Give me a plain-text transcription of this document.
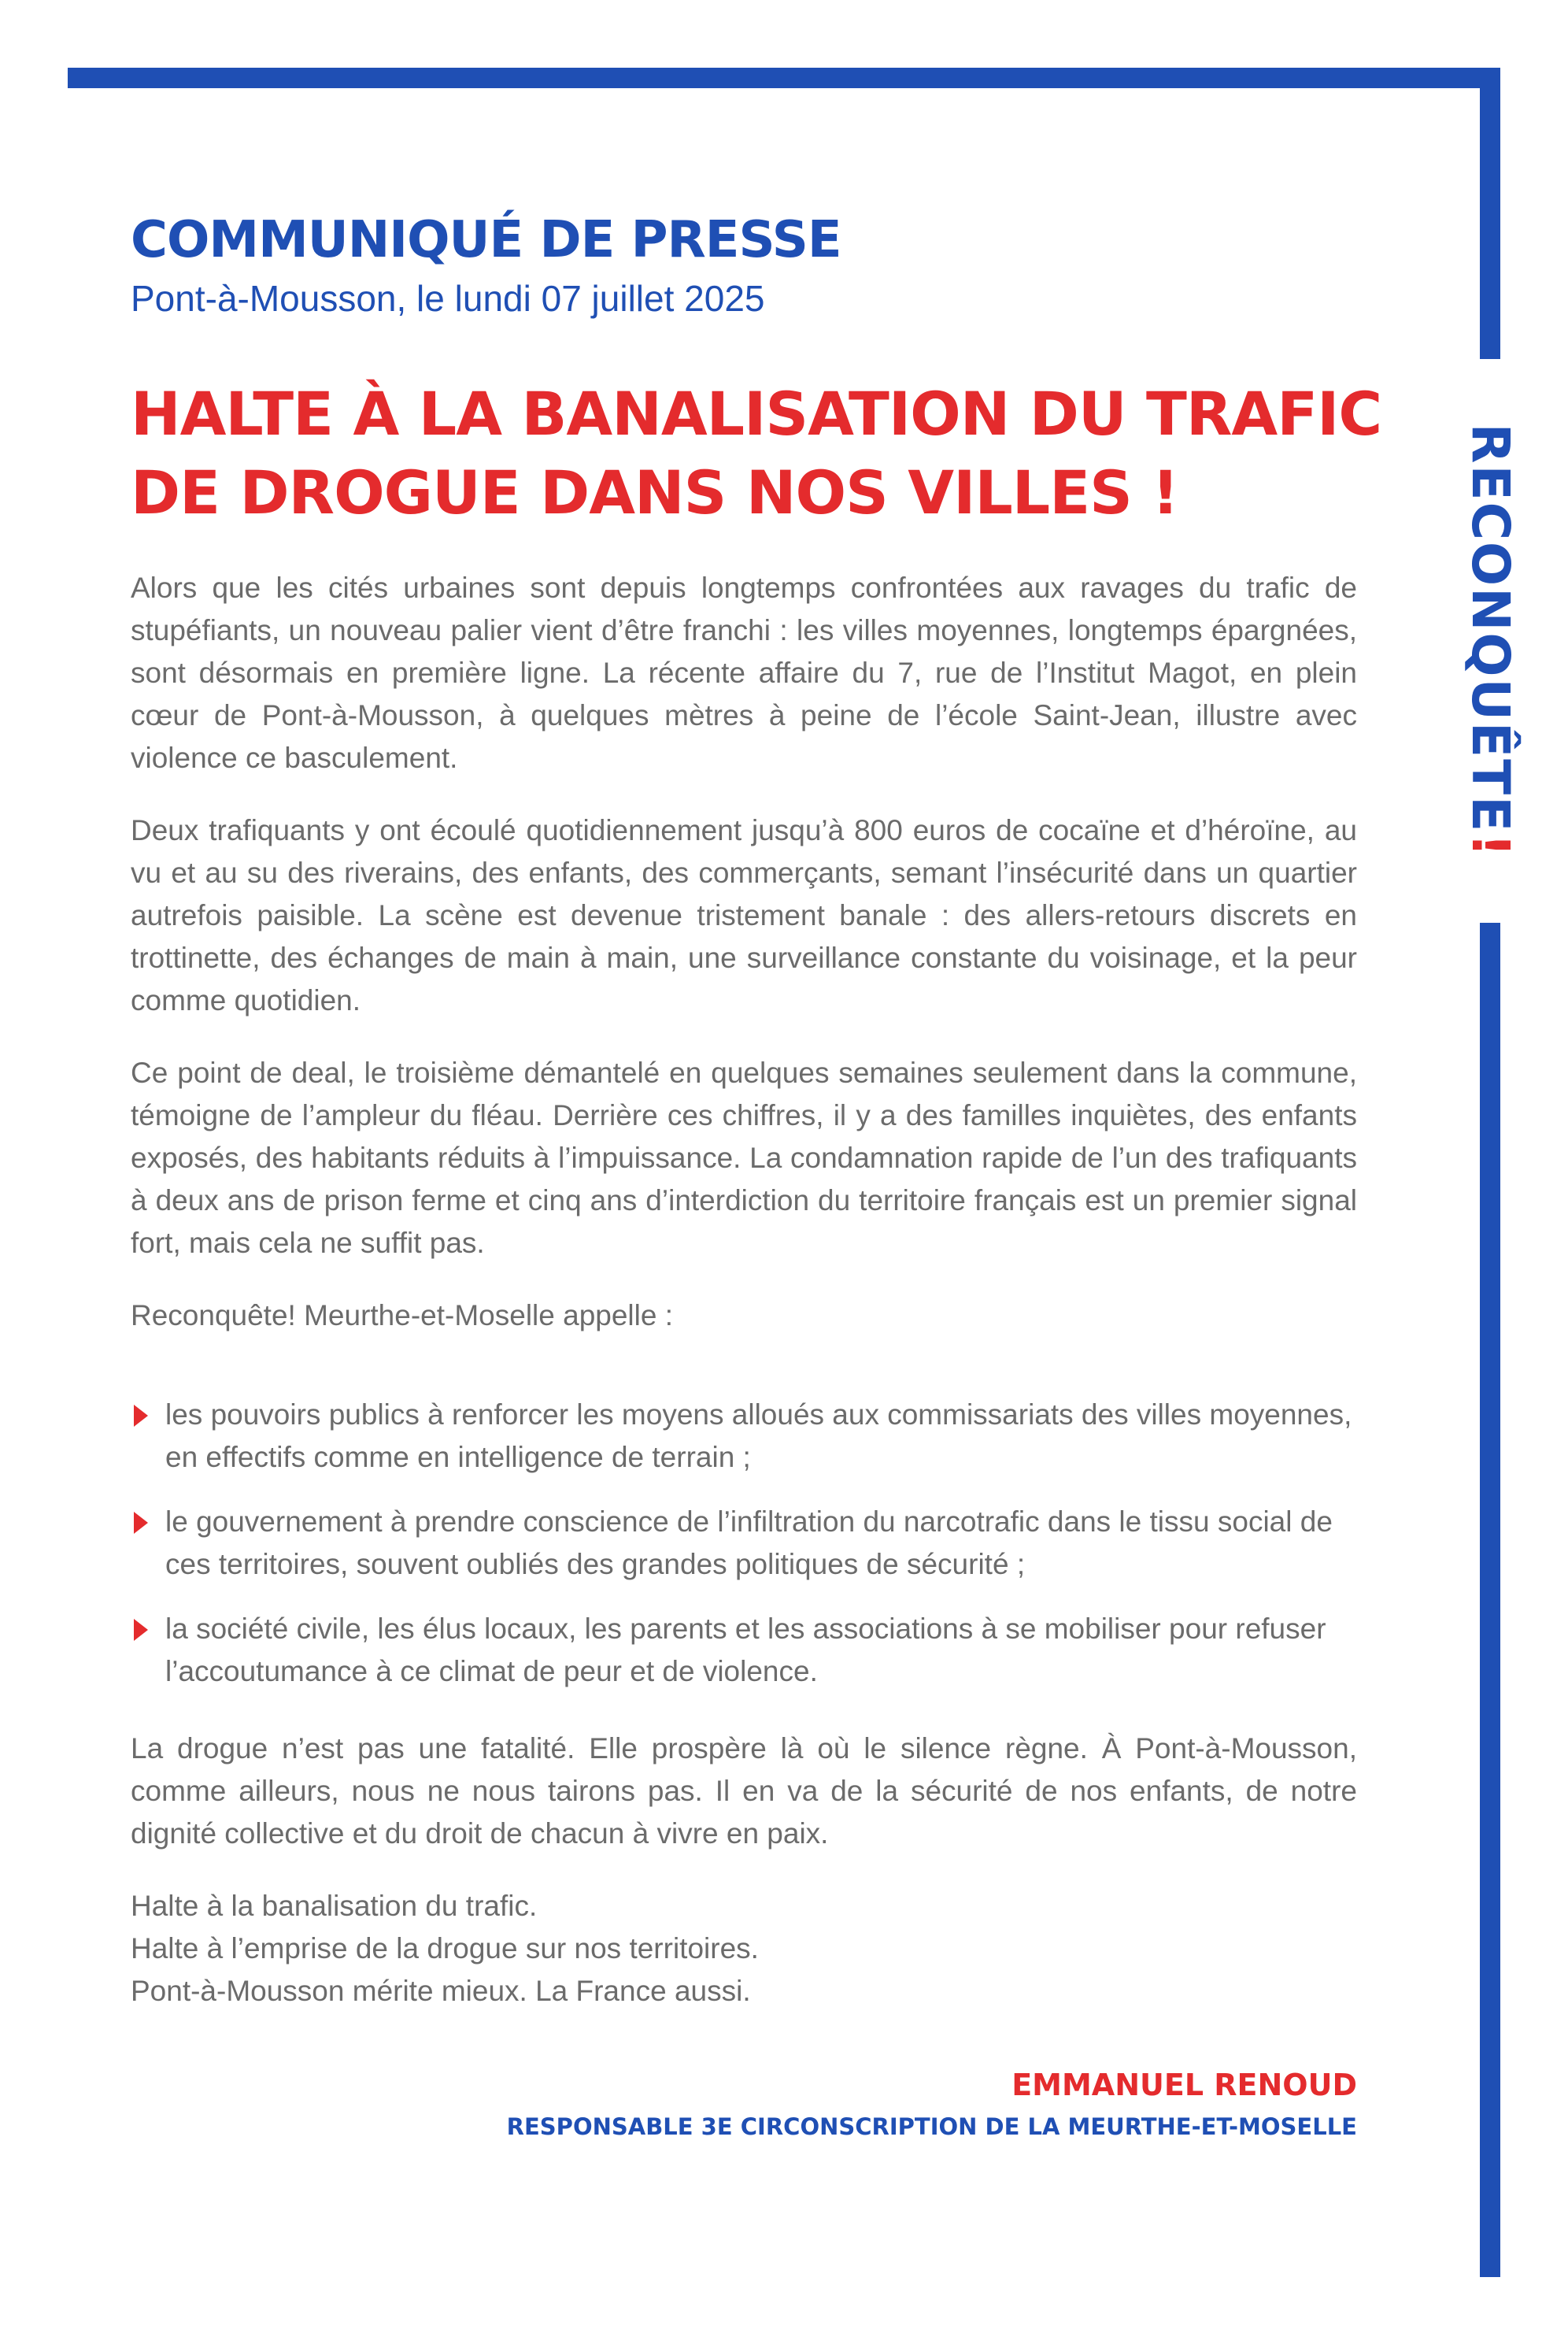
RECONQUÊTE!
COMMUNIQUÉ DE PRESSE
Pont-à-Mousson, le lundi 07 juillet 2025
HALTE À LA BANALISATION DU TRAFIC
DE DROGUE DANS NOS VILLES !
Alors que les cités urbaines sont depuis longtemps confrontées aux ravages du trafic de stupéfiants, un nouveau palier vient d’être franchi : les villes moyennes, longtemps épargnées, sont désormais en première ligne. La récente affaire du 7, rue de l’Institut Magot, en plein cœur de Pont-à-Mousson, à quelques mètres à peine de l’école Saint-Jean, illustre avec violence ce basculement.
Deux trafiquants y ont écoulé quotidiennement jusqu’à 800 euros de cocaïne et d’héroïne, au vu et au su des riverains, des enfants, des commerçants, semant l’insécurité dans un quartier autrefois paisible. La scène est devenue tristement banale : des allers-retours discrets en trottinette, des échanges de main à main, une surveillance constante du voisinage, et la peur comme quotidien.
Ce point de deal, le troisième démantelé en quelques semaines seulement dans la commune, témoigne de l’ampleur du fléau. Derrière ces chiffres, il y a des familles inquiètes, des enfants exposés, des habitants réduits à l’impuissance. La condamnation rapide de l’un des trafiquants à deux ans de prison ferme et cinq ans d’interdiction du territoire français est un premier signal fort, mais cela ne suffit pas.
Reconquête! Meurthe-et-Moselle appelle :
les pouvoirs publics à renforcer les moyens alloués aux commissariats des villes moyennes, en effectifs comme en intelligence de terrain ;
le gouvernement à prendre conscience de l’infiltration du narcotrafic dans le tissu social de ces territoires, souvent oubliés des grandes politiques de sécurité ;
la société civile, les élus locaux, les parents et les associations à se mobiliser pour refuser l’accoutumance à ce climat de peur et de violence.
La drogue n’est pas une fatalité. Elle prospère là où le silence règne. À Pont-à-Mousson, comme ailleurs, nous ne nous tairons pas. Il en va de la sécurité de nos enfants, de notre dignité collective et du droit de chacun à vivre en paix.
Halte à la banalisation du trafic.
Halte à l’emprise de la drogue sur nos territoires.
Pont-à-Mousson mérite mieux. La France aussi.
EMMANUEL RENOUD
RESPONSABLE 3E CIRCONSCRIPTION DE LA MEURTHE-ET-MOSELLE
